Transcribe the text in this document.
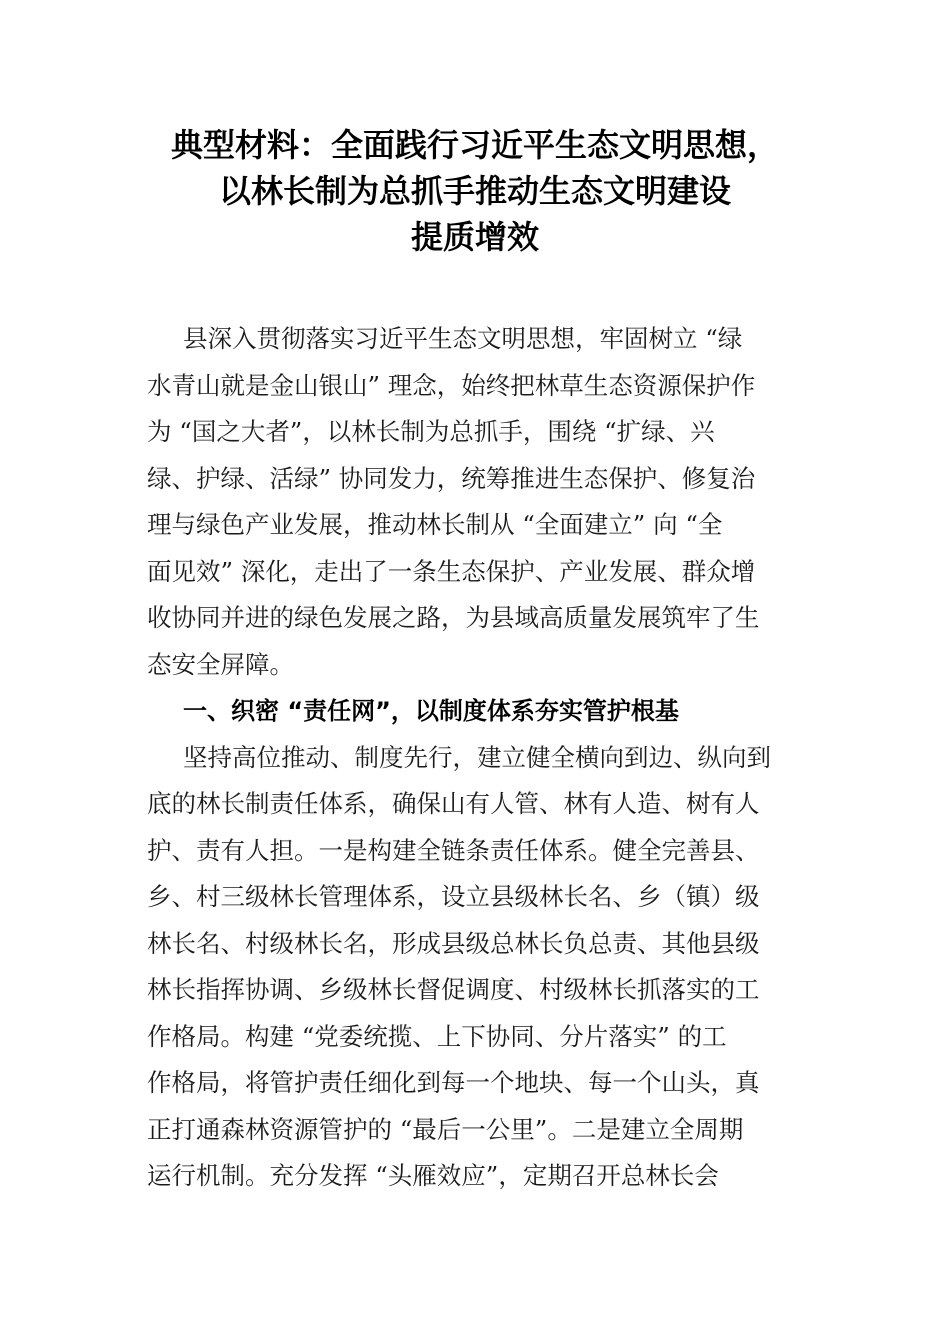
典型材料：全面践行习近平生态文明思想，
以林长制为总抓手推动生态文明建设
提质增效
县深入贯彻落实习近平生态文明思想，牢固树立 “绿
水青山就是金山银山” 理念，始终把林草生态资源保护作
为 “国之大者”，以林长制为总抓手，围绕 “扩绿、兴
绿、护绿、活绿” 协同发力，统筹推进生态保护、修复治
理与绿色产业发展，推动林长制从 “全面建立” 向 “全
面见效” 深化，走出了一条生态保护、产业发展、群众增
收协同并进的绿色发展之路，为县域高质量发展筑牢了生
态安全屏障。
一、织密 “责任网”，以制度体系夯实管护根基
坚持高位推动、制度先行，建立健全横向到边、纵向到
底的林长制责任体系，确保山有人管、林有人造、树有人
护、责有人担。一是构建全链条责任体系。健全完善县、
乡、村三级林长管理体系，设立县级林长名、乡（镇）级
林长名、村级林长名，形成县级总林长负总责、其他县级
林长指挥协调、乡级林长督促调度、村级林长抓落实的工
作格局。构建 “党委统揽、上下协同、分片落实” 的工
作格局，将管护责任细化到每一个地块、每一个山头，真
正打通森林资源管护的 “最后一公里”。二是建立全周期
运行机制。充分发挥 “头雁效应”，定期召开总林长会
